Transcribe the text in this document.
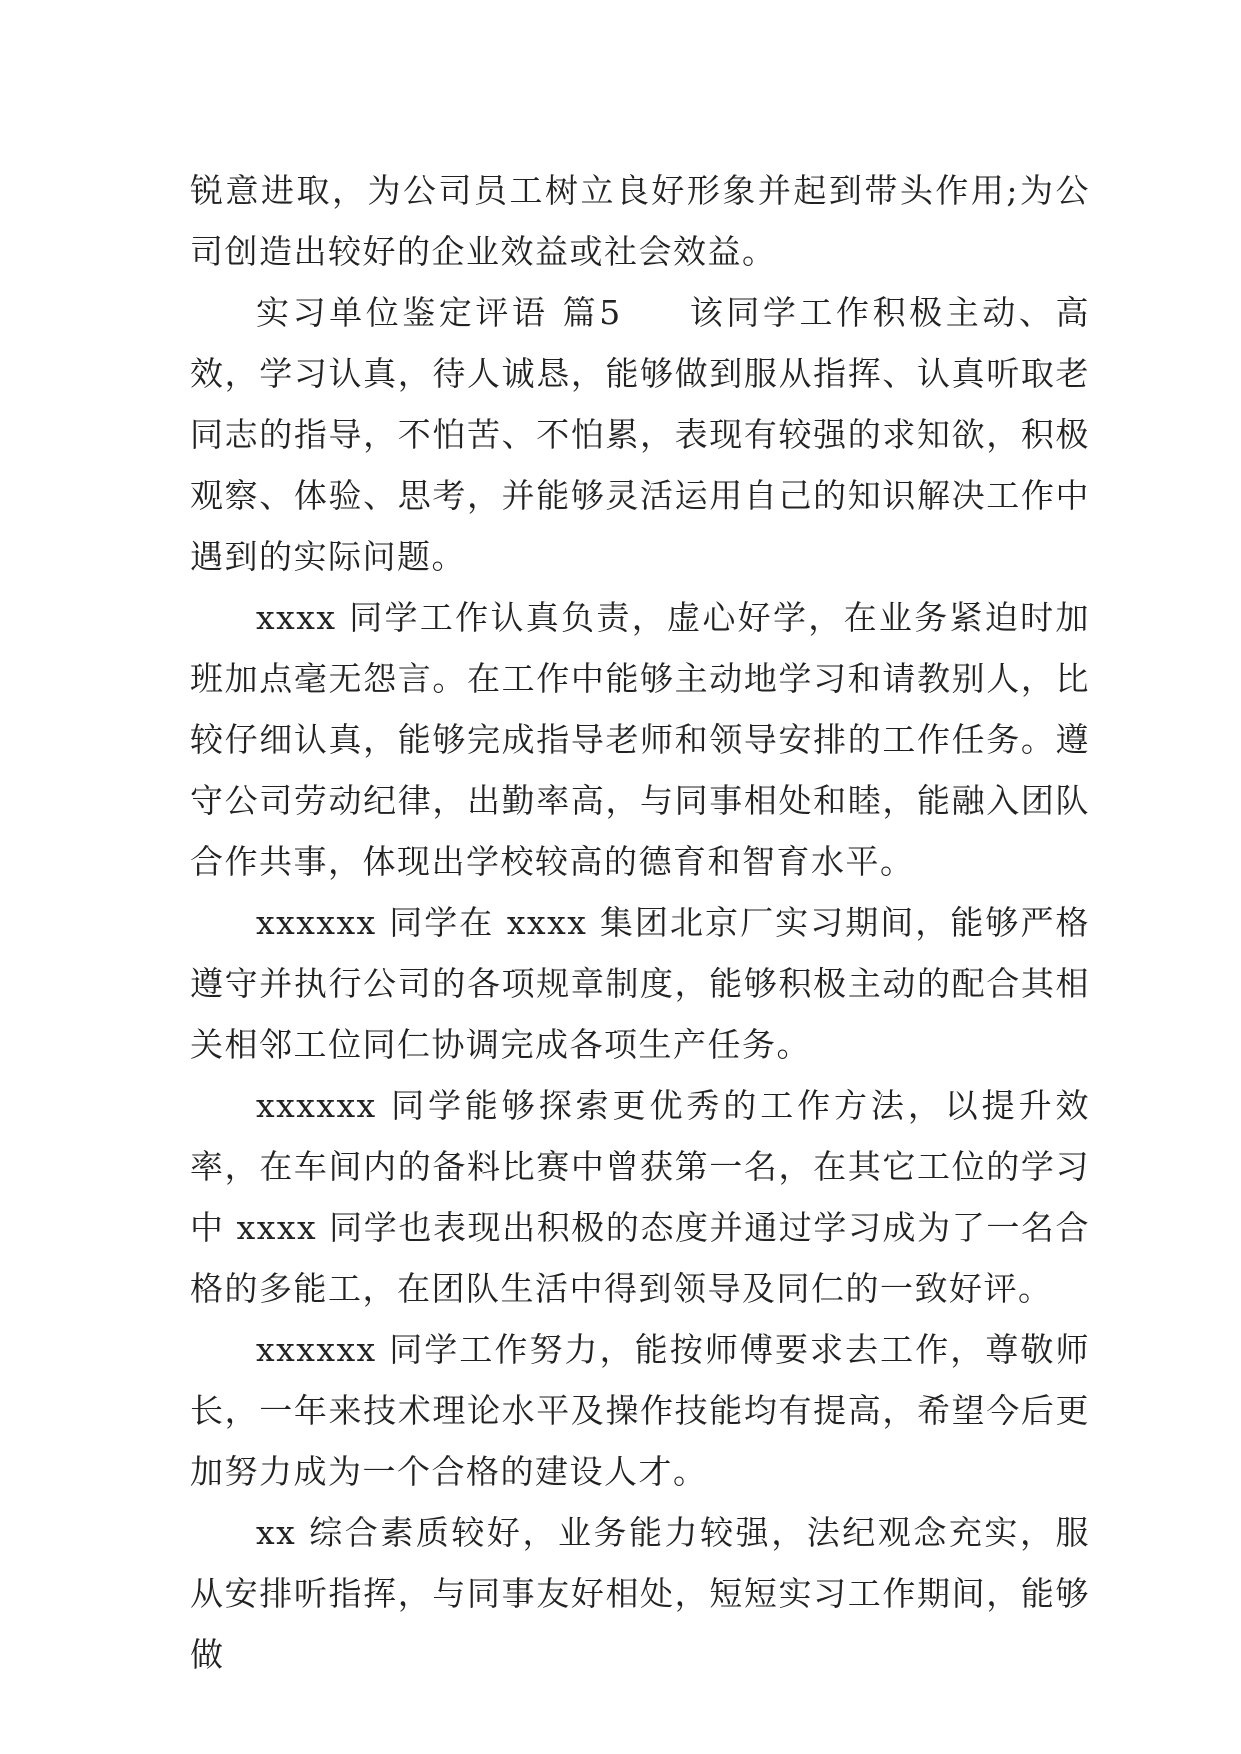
锐意进取，为公司员工树立良好形象并起到带头作用;为公司创造出较好的企业效益或社会效益。

实习单位鉴定评语 篇5 该同学工作积极主动、高效，学习认真，待人诚恳，能够做到服从指挥、认真听取老同志的指导，不怕苦、不怕累，表现有较强的求知欲，积极观察、体验、思考，并能够灵活运用自己的知识解决工作中遇到的实际问题。

xxxx 同学工作认真负责，虚心好学，在业务紧迫时加班加点毫无怨言。在工作中能够主动地学习和请教别人，比较仔细认真，能够完成指导老师和领导安排的工作任务。遵守公司劳动纪律，出勤率高，与同事相处和睦，能融入团队合作共事，体现出学校较高的德育和智育水平。

xxxxxx 同学在 xxxx 集团北京厂实习期间，能够严格遵守并执行公司的各项规章制度，能够积极主动的配合其相关相邻工位同仁协调完成各项生产任务。

xxxxxx 同学能够探索更优秀的工作方法，以提升效率，在车间内的备料比赛中曾获第一名，在其它工位的学习中 xxxx 同学也表现出积极的态度并通过学习成为了一名合格的多能工，在团队生活中得到领导及同仁的一致好评。

xxxxxx 同学工作努力，能按师傅要求去工作，尊敬师长，一年来技术理论水平及操作技能均有提高，希望今后更加努力成为一个合格的建设人才。

xx 综合素质较好，业务能力较强，法纪观念充实，服从安排听指挥，与同事友好相处，短短实习工作期间，能够做
